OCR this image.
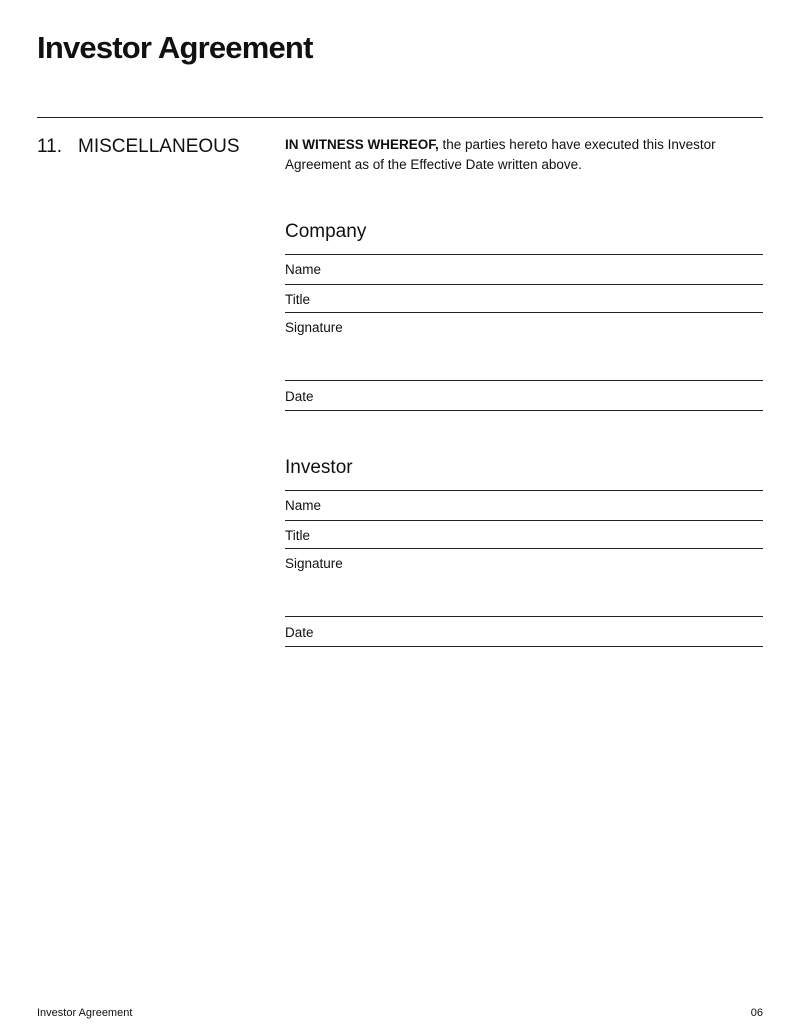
Investor Agreement
11. MISCELLANEOUS	IN WITNESS WHEREOF, the parties hereto have executed this Investor Agreement as of the Effective Date written above.

Company
Name
Title
Signature
Date
Investor
Name
Title
Signature
Date
Investor Agreement	06
